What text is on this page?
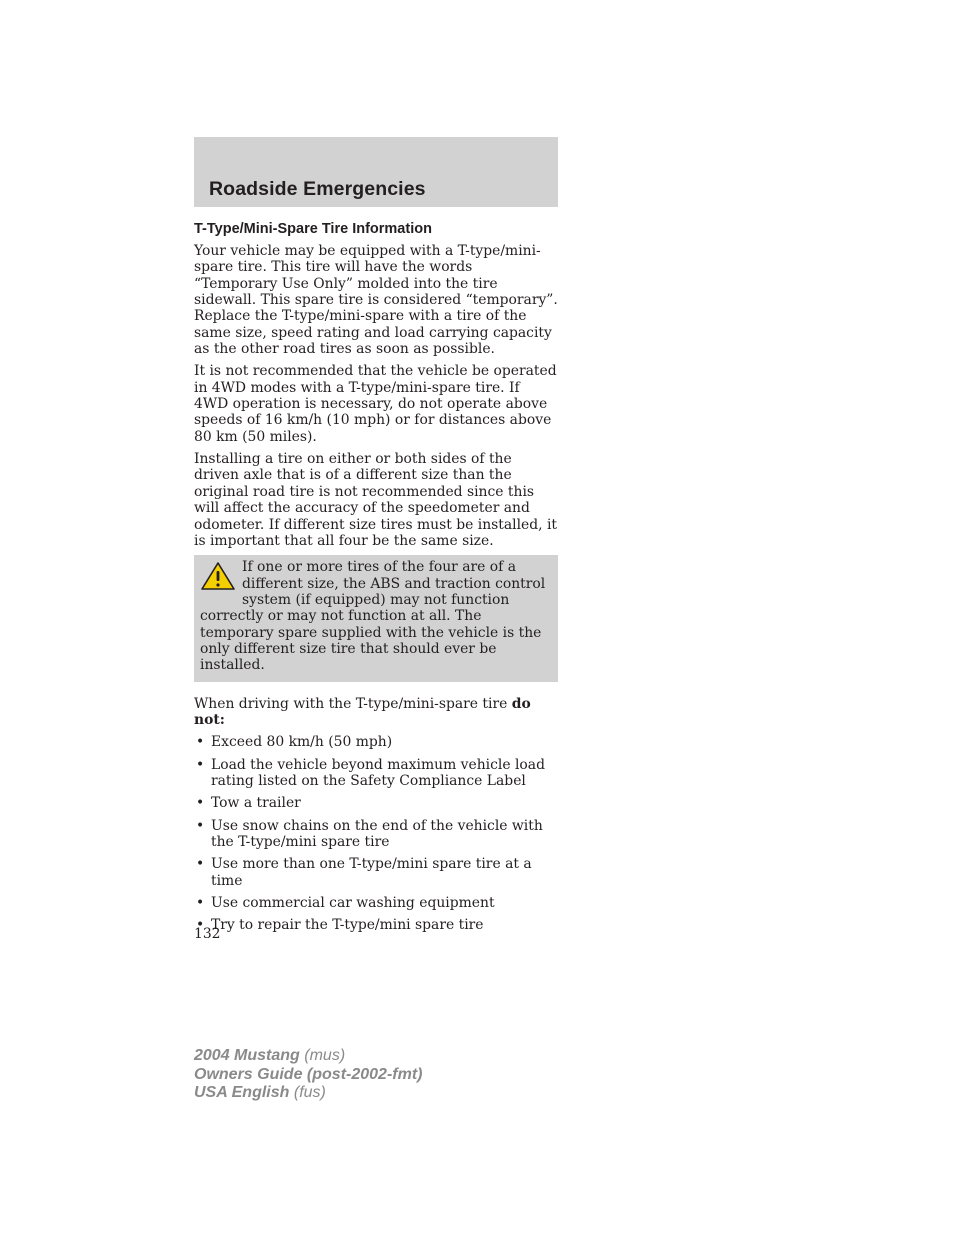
Roadside Emergencies
T-Type/Mini-Spare Tire Information

Your vehicle may be equipped with a T-type/mini-spare tire. This tire will have the words “Temporary Use Only” molded into the tire sidewall. This spare tire is considered “temporary”. Replace the T-type/mini-spare with a tire of the same size, speed rating and load carrying capacity as the other road tires as soon as possible.

It is not recommended that the vehicle be operated in 4WD modes with a T-type/mini-spare tire. If 4WD operation is necessary, do not operate above speeds of 16 km/h (10 mph) or for distances above 80 km (50 miles).

Installing a tire on either or both sides of the driven axle that is of a different size than the original road tire is not recommended since this will affect the accuracy of the speedometer and odometer. If different size tires must be installed, it is important that all four be the same size.

If one or more tires of the four are of a different size, the ABS and traction control system (if equipped) may not function correctly or may not function at all. The temporary spare supplied with the vehicle is the only different size tire that should ever be installed.

When driving with the T-type/mini-spare tire do not:

• Exceed 80 km/h (50 mph)
• Load the vehicle beyond maximum vehicle load rating listed on the Safety Compliance Label
• Tow a trailer
• Use snow chains on the end of the vehicle with the T-type/mini spare tire
• Use more than one T-type/mini spare tire at a time
• Use commercial car washing equipment
• Try to repair the T-type/mini spare tire
132
2004 Mustang (mus)
Owners Guide (post-2002-fmt)
USA English (fus)
